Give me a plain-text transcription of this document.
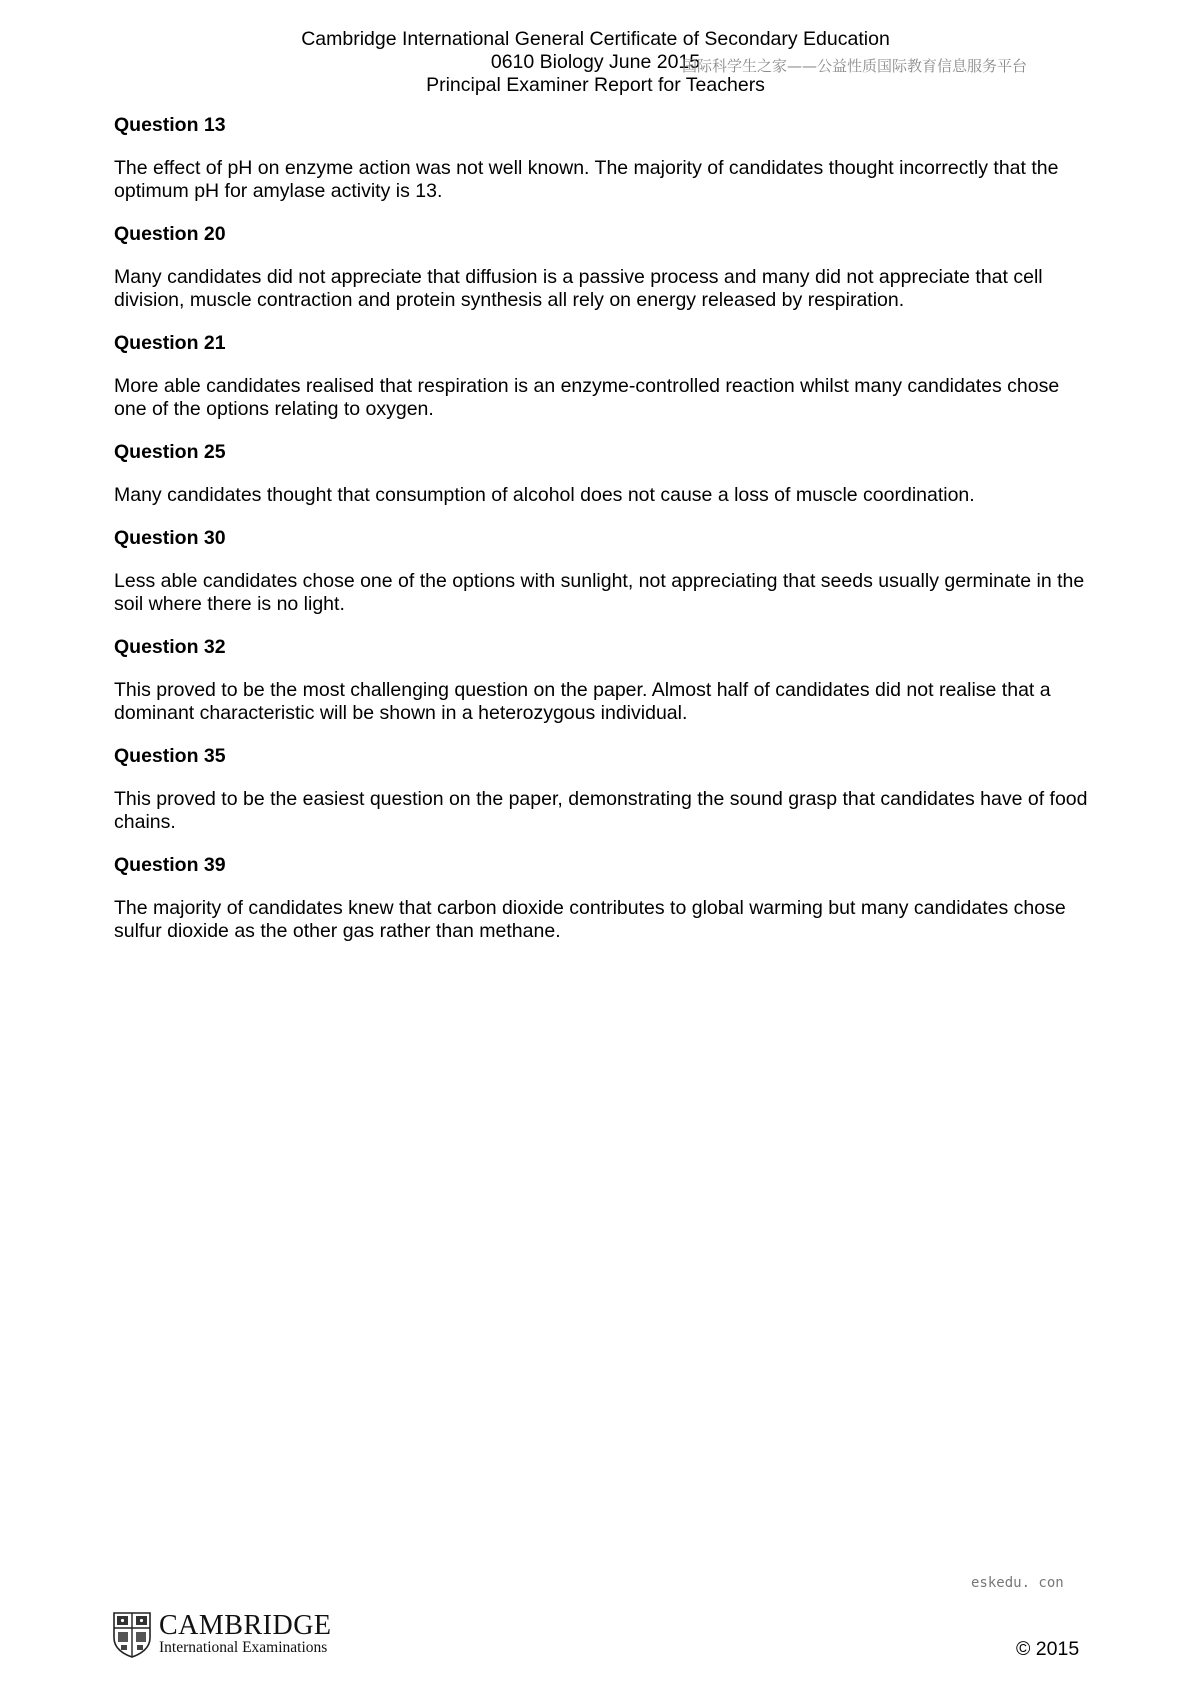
Cambridge International General Certificate of Secondary Education
0610 Biology June 2015
Principal Examiner Report for Teachers
国际科学生之家——公益性质国际教育信息服务平台
Question 13
The effect of pH on enzyme action was not well known. The majority of candidates thought incorrectly that the optimum pH for amylase activity is 13.
Question 20
Many candidates did not appreciate that diffusion is a passive process and many did not appreciate that cell division, muscle contraction and protein synthesis all rely on energy released by respiration.
Question 21
More able candidates realised that respiration is an enzyme-controlled reaction whilst many candidates chose one of the options relating to oxygen.
Question 25
Many candidates thought that consumption of alcohol does not cause a loss of muscle coordination.
Question 30
Less able candidates chose one of the options with sunlight, not appreciating that seeds usually germinate in the soil where there is no light.
Question 32
This proved to be the most challenging question on the paper. Almost half of candidates did not realise that a dominant characteristic will be shown in a heterozygous individual.
Question 35
This proved to be the easiest question on the paper, demonstrating the sound grasp that candidates have of food chains.
Question 39
The majority of candidates knew that carbon dioxide contributes to global warming but many candidates chose sulfur dioxide as the other gas rather than methane.
eskedu. con
CAMBRIDGE
International Examinations	© 2015
